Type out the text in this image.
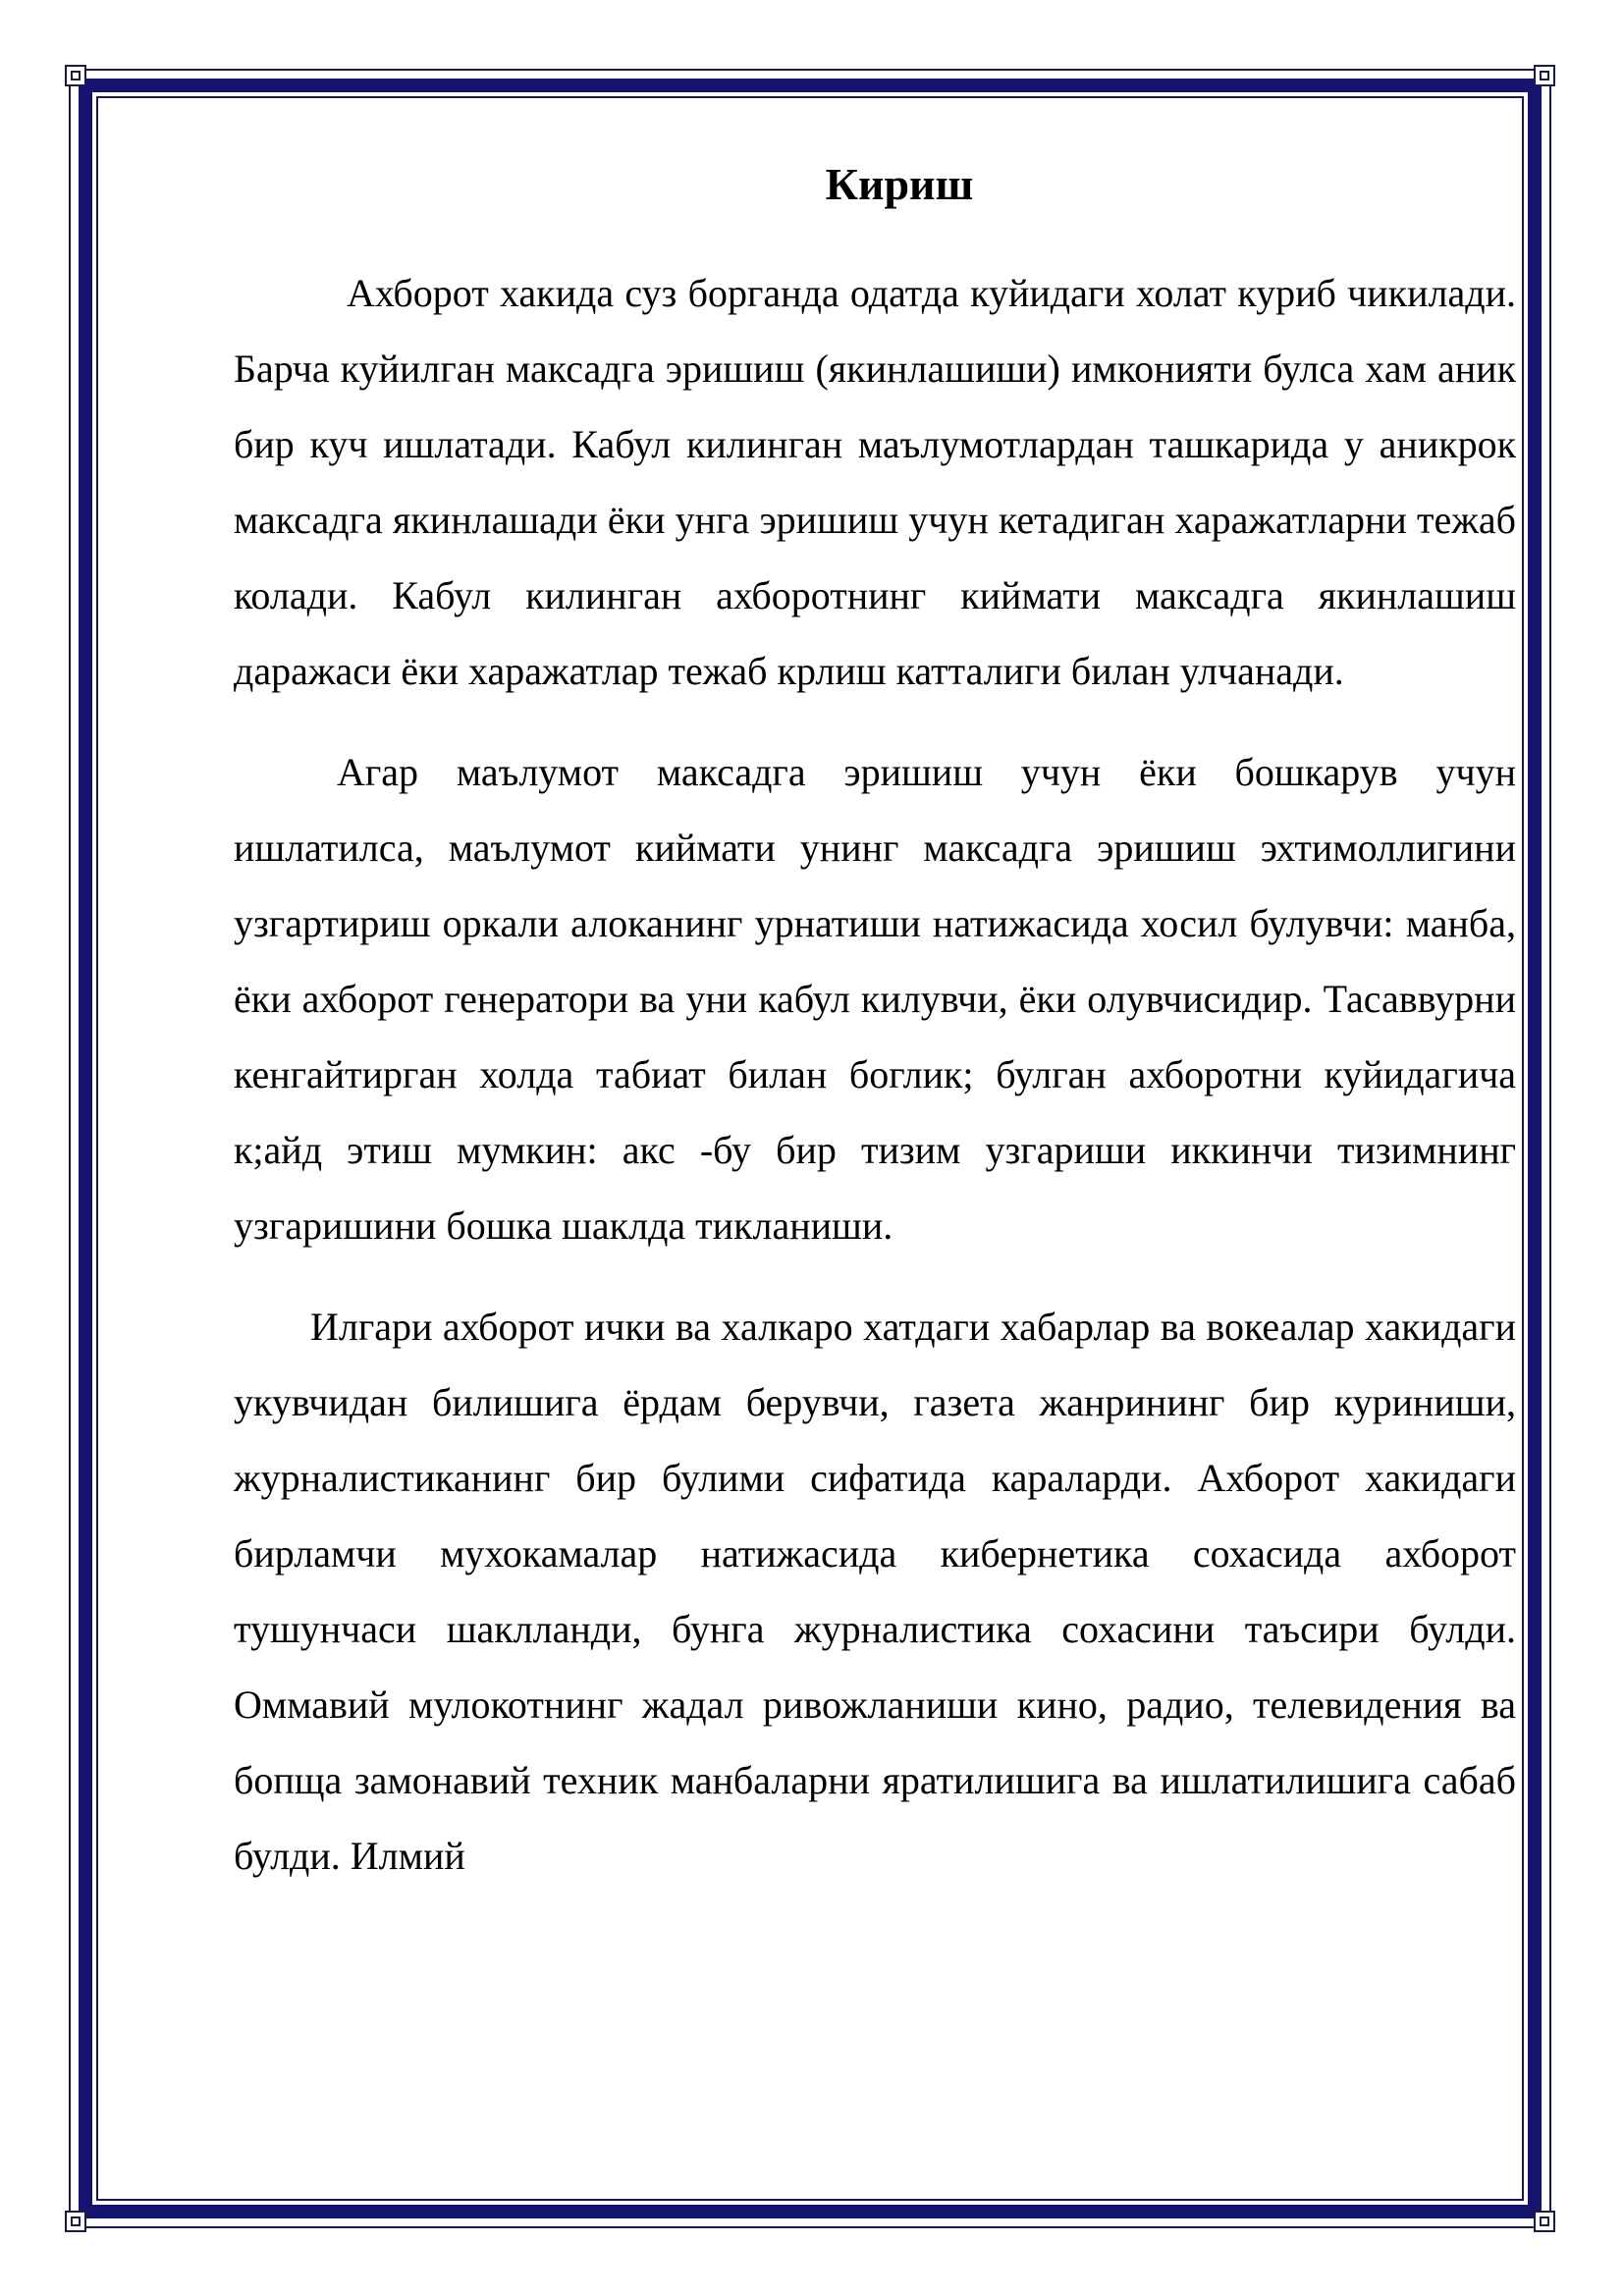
Кириш

Ахборот хакида суз борганда одатда куйидаги холат куриб чикилади. Барча куйилган максадга эришиш (якинлашиши) имконияти булса хам аник бир куч ишлатади. Кабул килинган маълумотлардан ташкарида у аникрок максадга якинлашади ёки унга эришиш учун кетадиган харажатларни тежаб колади. Кабул килинган ахборотнинг киймати максадга якинлашиш даражаси ёки харажатлар тежаб крлиш катталиги билан улчанади.

Агар маълумот максадга эришиш учун ёки бошкарув учун ишлатилса, маълумот киймати унинг максадга эришиш эхтимоллигини узгартириш оркали алоканинг урнатиши натижасида хосил булувчи: манба, ёки ахборот генератори ва уни кабул килувчи, ёки олувчисидир. Тасаввурни кенгайтирган холда табиат билан боглик; булган ахборотни куйидагича к;айд этиш мумкин: акс -бу бир тизим узгариши иккинчи тизимнинг узгаришини бошка шаклда тикланиши.

Илгари ахборот ички ва халкаро хатдаги хабарлар ва вокеалар хакидаги укувчидан билишига ёрдам берувчи, газета жанрининг бир куриниши, журналистиканинг бир булими сифатида караларди. Ахборот хакидаги бирламчи мухокамалар натижасида кибернетика сохасида ахборот тушунчаси шаклланди, бунга журналистика сохасини таъсири булди. Оммавий мулокотнинг жадал ривожланиши кино, радио, телевидения ва бопща замонавий техник манбаларни яратилишига ва ишлатилишига сабаб булди. Илмий
